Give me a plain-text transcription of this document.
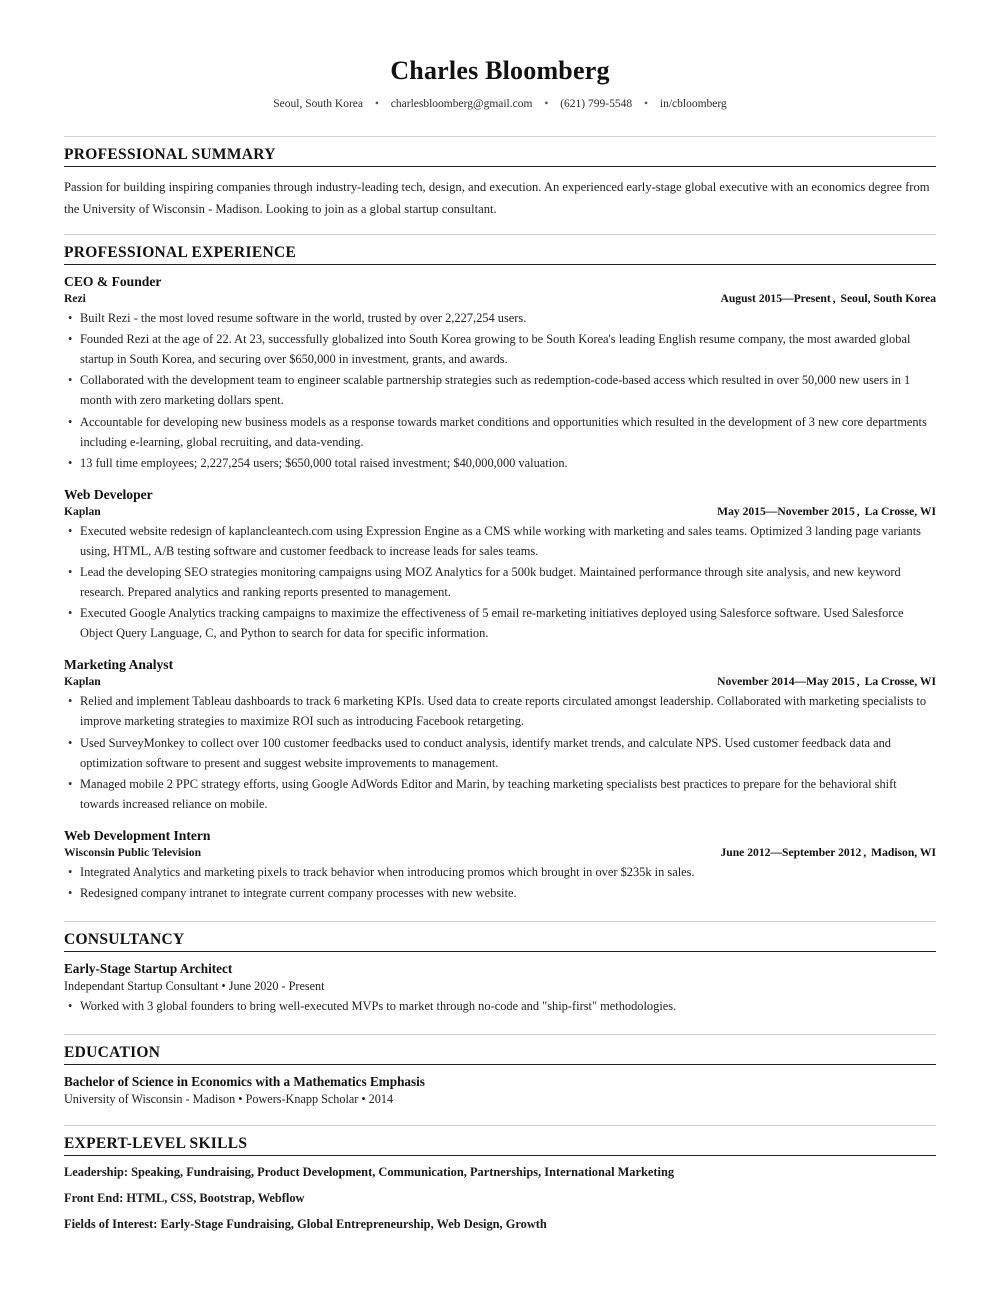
Charles Bloomberg
Seoul, South Korea • charlesbloomberg@gmail.com • (621) 799-5548 • in/cbloomberg
PROFESSIONAL SUMMARY
Passion for building inspiring companies through industry-leading tech, design, and execution. An experienced early-stage global executive with an economics degree from the University of Wisconsin - Madison. Looking to join as a global startup consultant.
PROFESSIONAL EXPERIENCE
CEO & Founder
Rezi	August 2015—Present , Seoul, South Korea
• Built Rezi - the most loved resume software in the world, trusted by over 2,227,254 users.
• Founded Rezi at the age of 22. At 23, successfully globalized into South Korea growing to be South Korea's leading English resume company, the most awarded global startup in South Korea, and securing over $650,000 in investment, grants, and awards.
• Collaborated with the development team to engineer scalable partnership strategies such as redemption-code-based access which resulted in over 50,000 new users in 1 month with zero marketing dollars spent.
• Accountable for developing new business models as a response towards market conditions and opportunities which resulted in the development of 3 new core departments including e-learning, global recruiting, and data-vending.
• 13 full time employees; 2,227,254 users; $650,000 total raised investment; $40,000,000 valuation.
Web Developer
Kaplan	May 2015—November 2015 , La Crosse, WI
• Executed website redesign of kaplancleantech.com using Expression Engine as a CMS while working with marketing and sales teams. Optimized 3 landing page variants using, HTML, A/B testing software and customer feedback to increase leads for sales teams.
• Lead the developing SEO strategies monitoring campaigns using MOZ Analytics for a 500k budget. Maintained performance through site analysis, and new keyword research. Prepared analytics and ranking reports presented to management.
• Executed Google Analytics tracking campaigns to maximize the effectiveness of 5 email re-marketing initiatives deployed using Salesforce software. Used Salesforce Object Query Language, C, and Python to search for data for specific information.
Marketing Analyst
Kaplan	November 2014—May 2015 , La Crosse, WI
• Relied and implement Tableau dashboards to track 6 marketing KPIs. Used data to create reports circulated amongst leadership. Collaborated with marketing specialists to improve marketing strategies to maximize ROI such as introducing Facebook retargeting.
• Used SurveyMonkey to collect over 100 customer feedbacks used to conduct analysis, identify market trends, and calculate NPS. Used customer feedback data and optimization software to present and suggest website improvements to management.
• Managed mobile 2 PPC strategy efforts, using Google AdWords Editor and Marin, by teaching marketing specialists best practices to prepare for the behavioral shift towards increased reliance on mobile.
Web Development Intern
Wisconsin Public Television	June 2012—September 2012 , Madison, WI
• Integrated Analytics and marketing pixels to track behavior when introducing promos which brought in over $235k in sales.
• Redesigned company intranet to integrate current company processes with new website.
CONSULTANCY
Early-Stage Startup Architect
Independant Startup Consultant • June 2020 - Present
• Worked with 3 global founders to bring well-executed MVPs to market through no-code and "ship-first" methodologies.
EDUCATION
Bachelor of Science in Economics with a Mathematics Emphasis
University of Wisconsin - Madison • Powers-Knapp Scholar • 2014
EXPERT-LEVEL SKILLS
Leadership: Speaking, Fundraising, Product Development, Communication, Partnerships, International Marketing
Front End: HTML, CSS, Bootstrap, Webflow
Fields of Interest: Early-Stage Fundraising, Global Entrepreneurship, Web Design, Growth
